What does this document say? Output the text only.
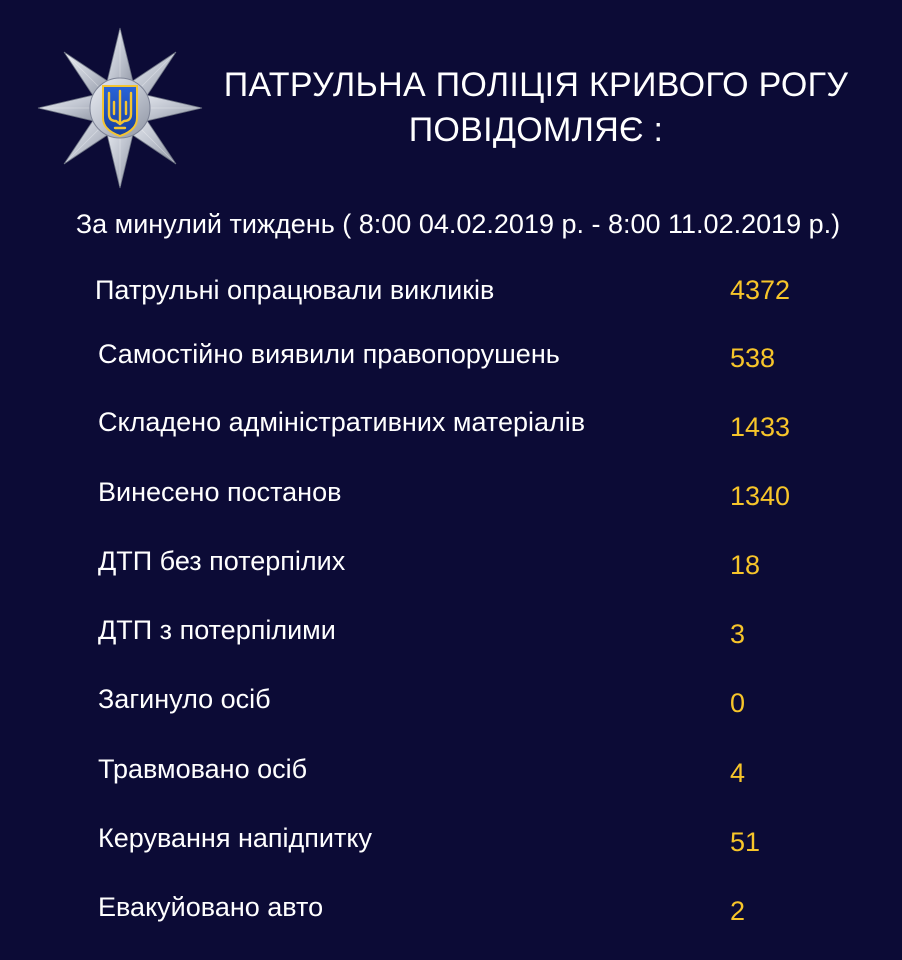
ПАТРУЛЬНА ПОЛІЦІЯ КРИВОГО РОГУ
ПОВІДОМЛЯЄ :
За минулий тиждень ( 8:00 04.02.2019 р. - 8:00 11.02.2019 р.)
Патрульні опрацювали викликів	4372
Самостійно виявили правопорушень	538
Складено адміністративних матеріалів	1433
Винесено постанов	1340
ДТП без потерпілих	18
ДТП з потерпілими	3
Загинуло осіб	0
Травмовано осіб	4
Керування напідпитку	51
Евакуйовано авто	2
